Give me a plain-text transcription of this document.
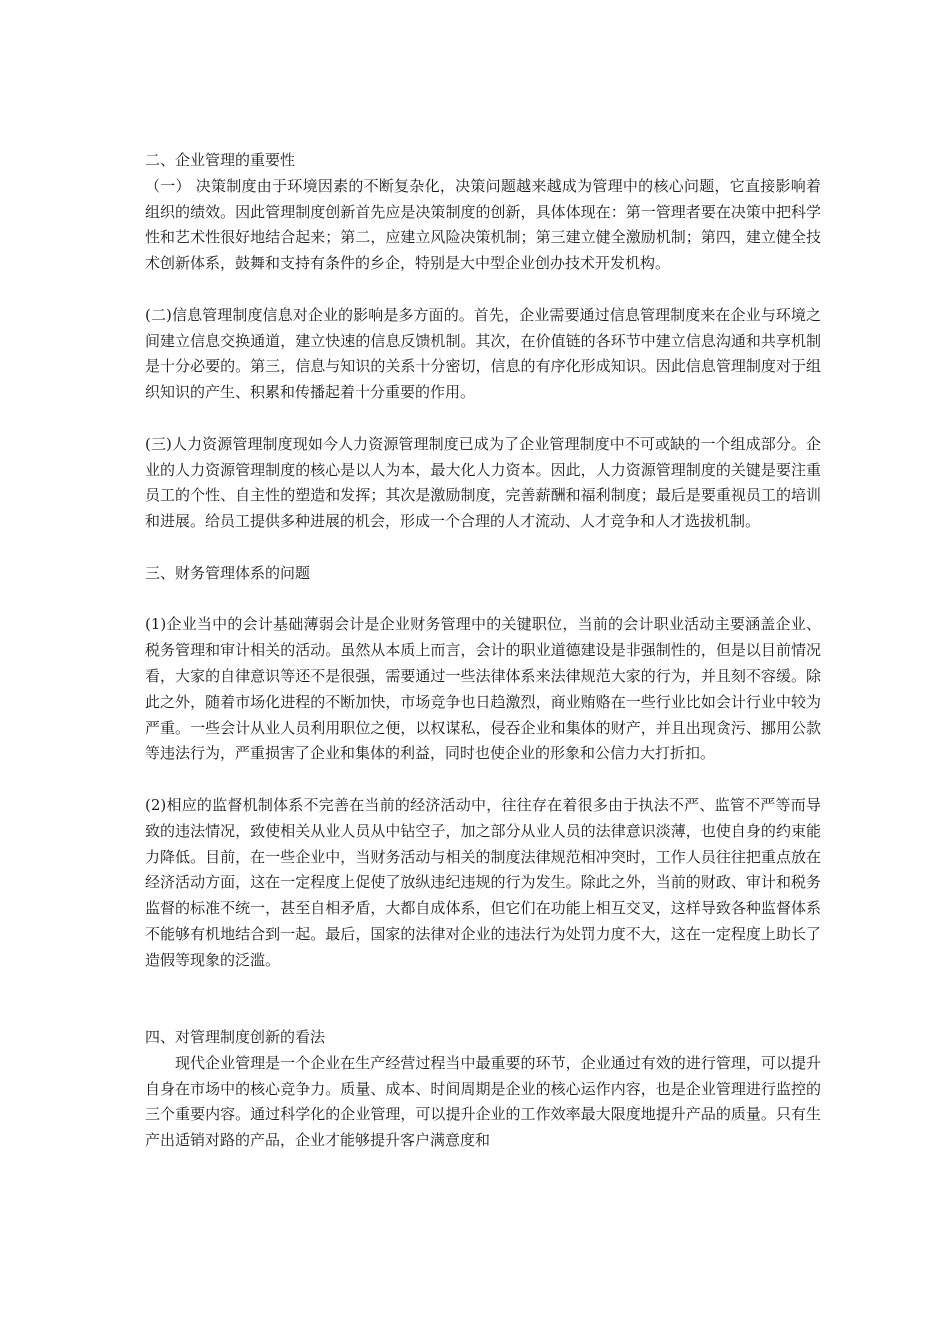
二、企业管理的重要性

（一） 决策制度由于环境因素的不断复杂化，决策问题越来越成为管理中的核心问题，它直接影响着组织的绩效。因此管理制度创新首先应是决策制度的创新，具体体现在：第一管理者要在决策中把科学性和艺术性很好地结合起来；第二，应建立风险决策机制；第三建立健全激励机制；第四，建立健全技术创新体系，鼓舞和支持有条件的乡企，特别是大中型企业创办技术开发机构。

(二)信息管理制度信息对企业的影响是多方面的。首先，企业需要通过信息管理制度来在企业与环境之间建立信息交换通道，建立快速的信息反馈机制。其次，在价值链的各环节中建立信息沟通和共享机制是十分必要的。第三，信息与知识的关系十分密切，信息的有序化形成知识。因此信息管理制度对于组织知识的产生、积累和传播起着十分重要的作用。

(三)人力资源管理制度现如今人力资源管理制度已成为了企业管理制度中不可或缺的一个组成部分。企业的人力资源管理制度的核心是以人为本，最大化人力资本。因此，人力资源管理制度的关键是要注重员工的个性、自主性的塑造和发挥；其次是激励制度，完善薪酬和福利制度；最后是要重视员工的培训和进展。给员工提供多种进展的机会，形成一个合理的人才流动、人才竞争和人才选拔机制。

三、财务管理体系的问题

(1)企业当中的会计基础薄弱会计是企业财务管理中的关键职位，当前的会计职业活动主要涵盖企业、税务管理和审计相关的活动。虽然从本质上而言，会计的职业道德建设是非强制性的，但是以目前情况看，大家的自律意识等还不是很强，需要通过一些法律体系来法律规范大家的行为，并且刻不容缓。除此之外，随着市场化进程的不断加快，市场竞争也日趋激烈，商业贿赂在一些行业比如会计行业中较为严重。一些会计从业人员利用职位之便，以权谋私，侵吞企业和集体的财产，并且出现贪污、挪用公款等违法行为，严重损害了企业和集体的利益，同时也使企业的形象和公信力大打折扣。

(2)相应的监督机制体系不完善在当前的经济活动中，往往存在着很多由于执法不严、监管不严等而导致的违法情况，致使相关从业人员从中钻空子，加之部分从业人员的法律意识淡薄，也使自身的约束能力降低。目前，在一些企业中，当财务活动与相关的制度法律规范相冲突时，工作人员往往把重点放在经济活动方面，这在一定程度上促使了放纵违纪违规的行为发生。除此之外，当前的财政、审计和税务监督的标准不统一，甚至自相矛盾，大都自成体系，但它们在功能上相互交叉，这样导致各种监督体系不能够有机地结合到一起。最后，国家的法律对企业的违法行为处罚力度不大，这在一定程度上助长了造假等现象的泛滥。

四、对管理制度创新的看法

现代企业管理是一个企业在生产经营过程当中最重要的环节，企业通过有效的进行管理，可以提升自身在市场中的核心竞争力。质量、成本、时间周期是企业的核心运作内容，也是企业管理进行监控的三个重要内容。通过科学化的企业管理，可以提升企业的工作效率最大限度地提升产品的质量。只有生产出适销对路的产品，企业才能够提升客户满意度和
